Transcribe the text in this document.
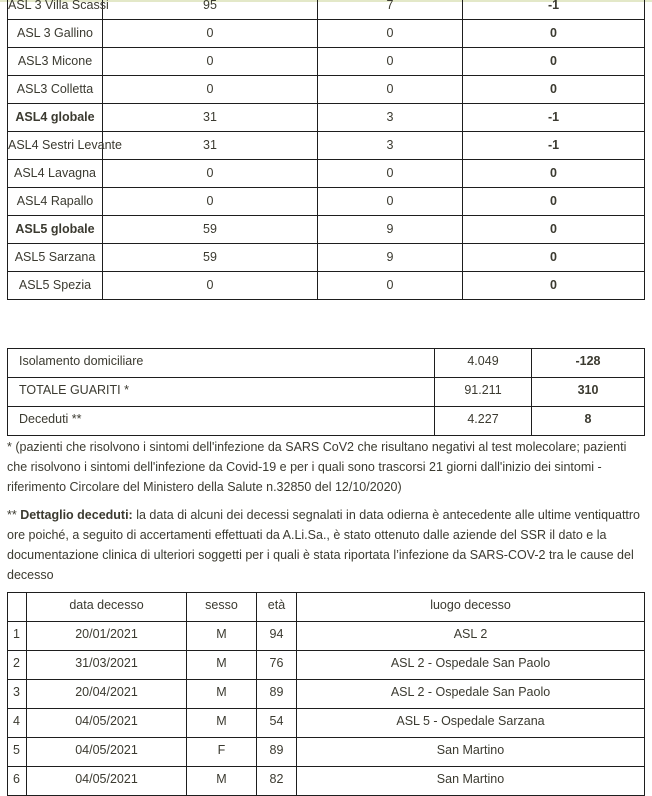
ASL 3 Villa Scassi	95	7	-1
ASL 3 Gallino	0	0	0
ASL3 Micone	0	0	0
ASL3 Colletta	0	0	0
ASL4 globale	31	3	-1
ASL4 Sestri Levante	31	3	-1
ASL4 Lavagna	0	0	0
ASL4 Rapallo	0	0	0
ASL5 globale	59	9	0
ASL5 Sarzana	59	9	0
ASL5 Spezia	0	0	0
Isolamento domiciliare	4.049	-128
TOTALE GUARITI *	91.211	310
Deceduti **	4.227	8
* (pazienti che risolvono i sintomi dell'infezione da SARS CoV2 che risultano negativi al test molecolare; pazienti che risolvono i sintomi dell'infezione da Covid-19 e per i quali sono trascorsi 21 giorni dall'inizio dei sintomi - riferimento Circolare del Ministero della Salute n.32850 del 12/10/2020)
** Dettaglio deceduti: la data di alcuni dei decessi segnalati in data odierna è antecedente alle ultime ventiquattro ore poiché, a seguito di accertamenti effettuati da A.Li.Sa., è stato ottenuto dalle aziende del SSR il dato e la documentazione clinica di ulteriori soggetti per i quali è stata riportata l’infezione da SARS-COV-2 tra le cause del decesso
	data decesso	sesso	età	luogo decesso
1	20/01/2021	M	94	ASL 2
2	31/03/2021	M	76	ASL 2 - Ospedale San Paolo
3	20/04/2021	M	89	ASL 2 - Ospedale San Paolo
4	04/05/2021	M	54	ASL 5 - Ospedale Sarzana
5	04/05/2021	F	89	San Martino
6	04/05/2021	M	82	San Martino
